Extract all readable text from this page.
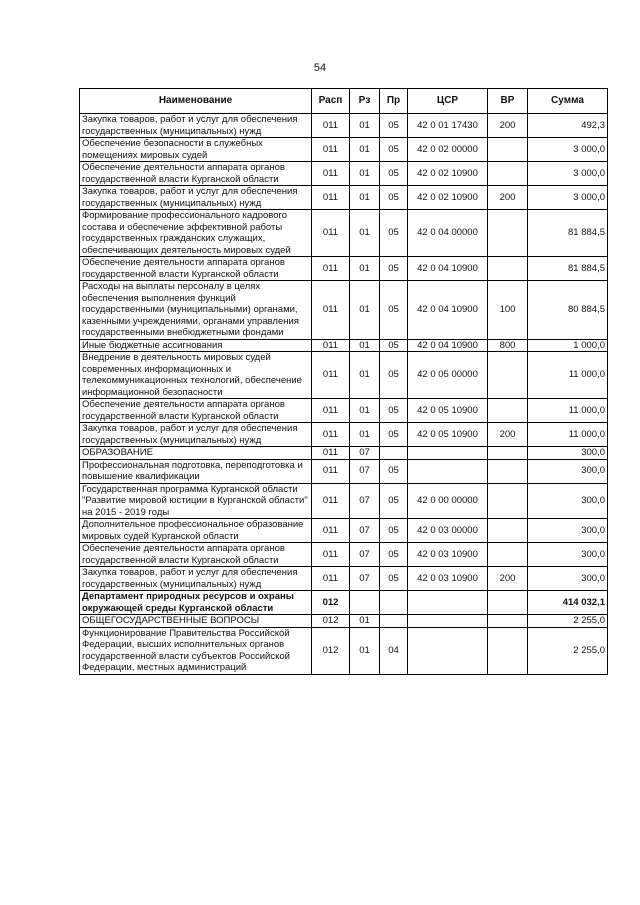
54
Наименование	Расп	Рз	Пр	ЦСР	ВР	Сумма
Закупка товаров, работ и услуг для обеспечения государственных (муниципальных) нужд	011	01	05	42 0 01 17430	200	492,3
Обеспечение безопасности в служебных помещениях мировых судей	011	01	05	42 0 02 00000		3 000,0
Обеспечение деятельности аппарата органов государственной власти Курганской области	011	01	05	42 0 02 10900		3 000,0
Закупка товаров, работ и услуг для обеспечения государственных (муниципальных) нужд	011	01	05	42 0 02 10900	200	3 000,0
Формирование профессионального кадрового состава и обеспечение эффективной работы государственных гражданских служащих, обеспечивающих деятельность мировых судей	011	01	05	42 0 04 00000		81 884,5
Обеспечение деятельности аппарата органов государственной власти Курганской области	011	01	05	42 0 04 10900		81 884,5
Расходы на выплаты персоналу в целях обеспечения выполнения функций государственными (муниципальными) органами, казенными учреждениями, органами управления государственными внебюджетными фондами	011	01	05	42 0 04 10900	100	80 884,5
Иные бюджетные ассигнования	011	01	05	42 0 04 10900	800	1 000,0
Внедрение в деятельность мировых судей современных информационных и телекоммуникационных технологий, обеспечение информационной безопасности	011	01	05	42 0 05 00000		11 000,0
Обеспечение деятельности аппарата органов государственной власти Курганской области	011	01	05	42 0 05 10900		11 000,0
Закупка товаров, работ и услуг для обеспечения государственных (муниципальных) нужд	011	01	05	42 0 05 10900	200	11 000,0
ОБРАЗОВАНИЕ	011	07				300,0
Профессиональная подготовка, переподготовка и повышение квалификации	011	07	05			300,0
Государственная программа Курганской области "Развитие мировой юстиции в Курганской области" на 2015 - 2019 годы	011	07	05	42 0 00 00000		300,0
Дополнительное профессиональное образование мировых судей Курганской области	011	07	05	42 0 03 00000		300,0
Обеспечение деятельности аппарата органов государственной власти Курганской области	011	07	05	42 0 03 10900		300,0
Закупка товаров, работ и услуг для обеспечения государственных (муниципальных) нужд	011	07	05	42 0 03 10900	200	300,0
Департамент природных ресурсов и охраны окружающей среды Курганской области	012					414 032,1
ОБЩЕГОСУДАРСТВЕННЫЕ ВОПРОСЫ	012	01				2 255,0
Функционирование Правительства Российской Федерации, высших исполнительных органов государственной власти субъектов Российской Федерации, местных администраций	012	01	04			2 255,0
